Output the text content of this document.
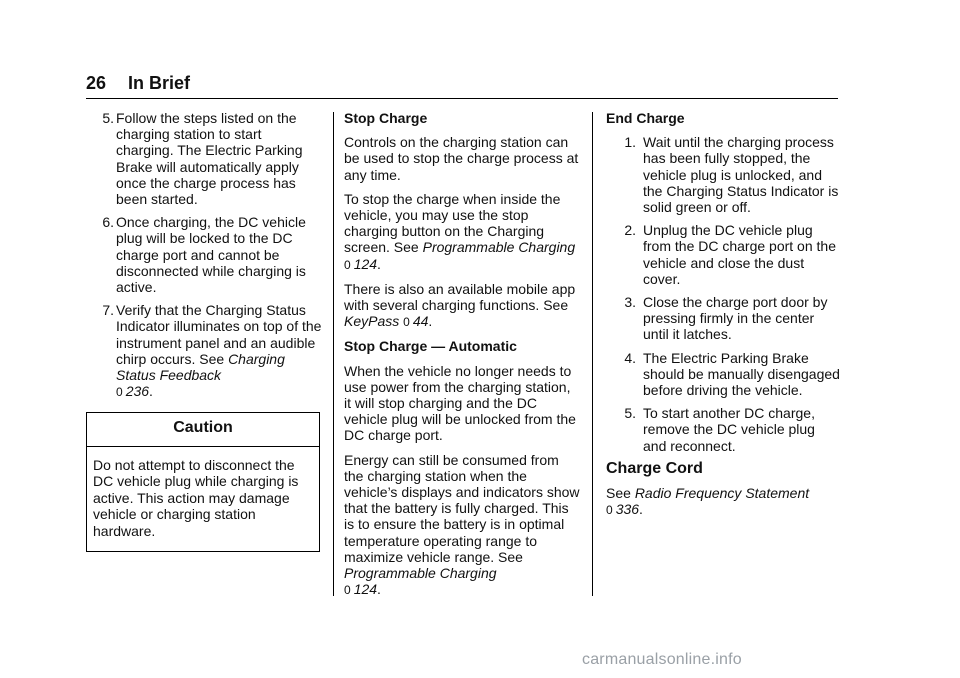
26 In Brief
5. Follow the steps listed on the charging station to start charging. The Electric Parking Brake will automatically apply once the charge process has been started.
6. Once charging, the DC vehicle plug will be locked to the DC charge port and cannot be disconnected while charging is active.
7. Verify that the Charging Status Indicator illuminates on top of the instrument panel and an audible chirp occurs. See Charging Status Feedback
0 236.
Caution
Do not attempt to disconnect the DC vehicle plug while charging is active. This action may damage vehicle or charging station hardware.

Stop Charge

Controls on the charging station can be used to stop the charge process at any time.

To stop the charge when inside the vehicle, you may use the stop charging button on the Charging screen. See Programmable Charging 0 124.

There is also an available mobile app with several charging functions. See KeyPass 0 44.

Stop Charge — Automatic

When the vehicle no longer needs to use power from the charging station, it will stop charging and the DC vehicle plug will be unlocked from the DC charge port.

Energy can still be consumed from the charging station when the vehicle’s displays and indicators show that the battery is fully charged. This is to ensure the battery is in optimal temperature operating range to maximize vehicle range. See Programmable Charging
0 124.

End Charge

1. Wait until the charging process has been fully stopped, the vehicle plug is unlocked, and the Charging Status Indicator is solid green or off.
2. Unplug the DC vehicle plug from the DC charge port on the vehicle and close the dust cover.
3. Close the charge port door by pressing firmly in the center until it latches.
4. The Electric Parking Brake should be manually disengaged before driving the vehicle.
5. To start another DC charge, remove the DC vehicle plug and reconnect.
Charge Cord

See Radio Frequency Statement
0 336.

carmanualsonline.info
